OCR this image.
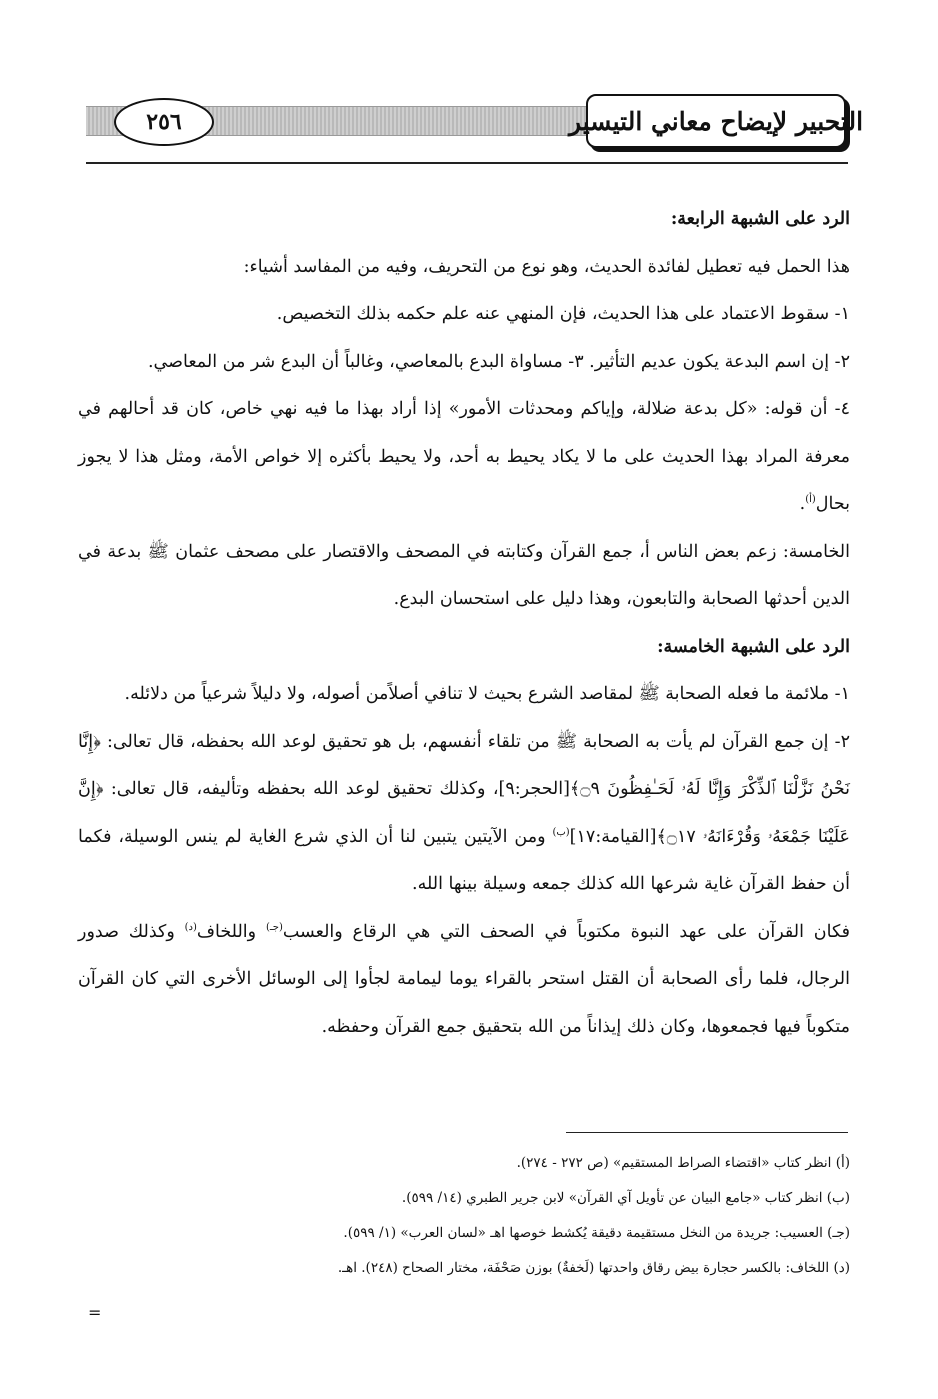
التحبير لإيضاح معاني التيسير
٢٥٦

الرد على الشبهة الرابعة:

هذا الحمل فيه تعطيل لفائدة الحديث، وهو نوع من التحريف، وفيه من المفاسد أشياء:

١- سقوط الاعتماد على هذا الحديث، فإن المنهي عنه علم حكمه بذلك التخصيص.

٢- إن اسم البدعة يكون عديم التأثير. ٣- مساواة البدع بالمعاصي، وغالباً أن البدع شر من المعاصي.

٤- أن قوله: «كل بدعة ضلالة، وإياكم ومحدثات الأمور» إذا أراد بهذا ما فيه نهي خاص، كان قد أحالهم في معرفة المراد بهذا الحديث على ما لا يكاد يحيط به أحد، ولا يحيط بأكثره إلا خواص الأمة، ومثل هذا لا يجوز بحال$^{(أ)}$.

الخامسة: زعم بعض الناس أ، جمع القرآن وكتابته في المصحف والاقتصار على مصحف عثمان ﷺ بدعة في الدين أحدثها الصحابة والتابعون، وهذا دليل على استحسان البدع.

الرد على الشبهة الخامسة:

١- ملائمة ما فعله الصحابة ﷺ لمقاصد الشرع بحيث لا تنافي أصلاًمن أصوله، ولا دليلاً شرعياً من دلائله.

٢- إن جمع القرآن لم يأت به الصحابة ﷺ من تلقاء أنفسهم، بل هو تحقيق لوعد الله بحفظه، قال تعالى: ﴿إِنَّا نَحْنُ نَزَّلْنَا ٱلذِّكْرَ وَإِنَّا لَهُۥ لَحَـٰفِظُونَ ۝٩﴾[الحجر:٩]، وكذلك تحقيق لوعد الله بحفظه وتأليفه، قال تعالى: ﴿إِنَّ عَلَيْنَا جَمْعَهُۥ وَقُرْءَانَهُۥ ۝١٧﴾[القيامة:١٧]$^{(ب)}$ ومن الآيتين يتبين لنا أن الذي شرع الغاية لم ينس الوسيلة، فكما أن حفظ القرآن غاية شرعها الله كذلك جمعه وسيلة بينها الله.

فكان القرآن على عهد النبوة مكتوباً في الصحف التي هي الرقاع والعسب$^{(جـ)}$ واللخاف$^{(د)}$ وكذلك صدور الرجال، فلما رأى الصحابة أن القتل استحر بالقراء يوما ليمامة لجأوا إلى الوسائل الأخرى التي كان القرآن متكوباً فيها فجمعوها، وكان ذلك إيذاناً من الله بتحقيق جمع القرآن وحفظه.

(أ) انظر كتاب «اقتضاء الصراط المستقيم» (ص ٢٧٢ - ٢٧٤).

(ب) انظر كتاب «جامع البيان عن تأويل آي القرآن» لابن جرير الطبري (١٤/ ٥٩٩).

(جـ) العسيب: جريدة من النخل مستقيمة دقيقة يُكشط خوصها اهـ «لسان العرب» (١/ ٥٩٩).

(د) اللخاف: بالكسر حجارة بيض رقاق واحدتها (لَخفةٌ) بوزن صَحْفَة، مختار الصحاح (٢٤٨). اهـ.

=
